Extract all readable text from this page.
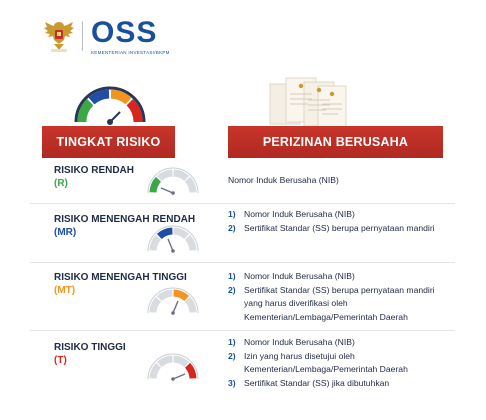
OSS
KEMENTERIAN INVESTASI/BKPM
TINGKAT RISIKO	PERIZINAN BERUSAHA
RISIKO RENDAH
(R)	Nomor Induk Berusaha (NIB)
RISIKO MENENGAH RENDAH
(MR)
1) Nomor Induk Berusaha (NIB)
2) Sertifikat Standar (SS) berupa pernyataan mandiri
RISIKO MENENGAH TINGGI
(MT)
1) Nomor Induk Berusaha (NIB)
2) Sertifikat Standar (SS) berupa pernyataan mandiri yang harus diverifikasi oleh Kementerian/Lembaga/Pemerintah Daerah
RISIKO TINGGI
(T)
1) Nomor Induk Berusaha (NIB)
2) Izin yang harus disetujui oleh Kementerian/Lembaga/Pemerintah Daerah
3) Sertifikat Standar (SS) jika dibutuhkan
